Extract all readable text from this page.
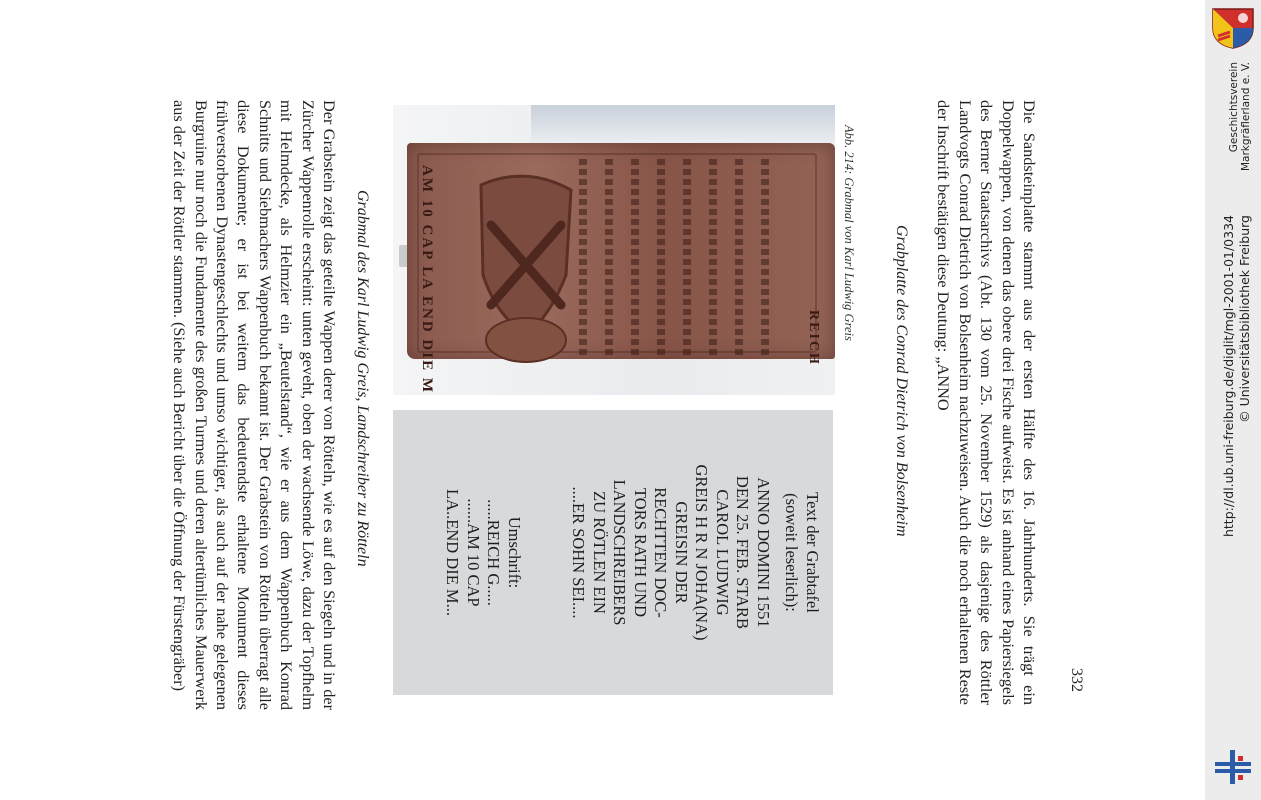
Der Grabstein zeigt das geteilte Wappen derer von Rötteln, wie es auf den Siegeln und in der Zürcher Wappenrolle erscheint: unten geveht, oben der wachsende Löwe, dazu der Topfhelm mit Helmdecke, als Helmzier ein „Beutelstand“, wie er aus dem Wappenbuch Konrad Schnitts und Siebmachers Wappenbuch bekannt ist. Der Grabstein von Rötteln überragt alle diese Dokumente; er ist bei weitem das bedeutendste erhaltene Monument dieses frühverstorbenen Dynastengeschlechts und umso wichtiger, als auch auf der nahe gelegenen Burgruine nur noch die Fundamente des großen Turmes und deren altertümliches Mauerwerk aus der Zeit der Röttler stammen. (Siehe auch Bericht über die Öffnung der Fürstengräber)	Grabmal des Karl Ludwig Greis, Landschreiber zu Rötteln	AM 10 CAP LA END DIE M	REICH Abb. 214: Grabmal von Karl Ludwig Greis
Text der Grabtafel
(soweit leserlich):
ANNO DOMINI 1551
DEN 25. FEB. STARB
CAROL LUDWIG
GREIS H R N JOHA(NA)
GREISIN DER
RECHTTEN DOC-
TORS RATH UND
LANDSCHREIBERS
ZU RÖTLEN EIN
....ER SOHN SEI....
Umschrift:
.....REICH G.....
......AM 10 CAP
LA..END DIE M...
Grabplatte des Conrad Dietrich von Bolsenheim	Die Sandsteinplatte stammt aus der ersten Hälfte des 16. Jahrhunderts. Sie trägt ein Doppelwappen, von denen das obere drei Fische aufweist. Es ist anhand eines Papiersiegels des Berner Staatsarchivs (Abt. 130 vom 25. November 1529) als dasjenige des Röttler Landvogts Conrad Dietrich von Bolsenheim nachzuweisen. Auch die noch erhaltenen Reste der Inschrift bestätigen diese Deutung: „ANNO
332
Geschichtsverein Markgräflerland e. V.
http://dl.ub.uni-freiburg.de/diglit/mgl-2001-01/0334 © Universitätsbibliothek Freiburg
